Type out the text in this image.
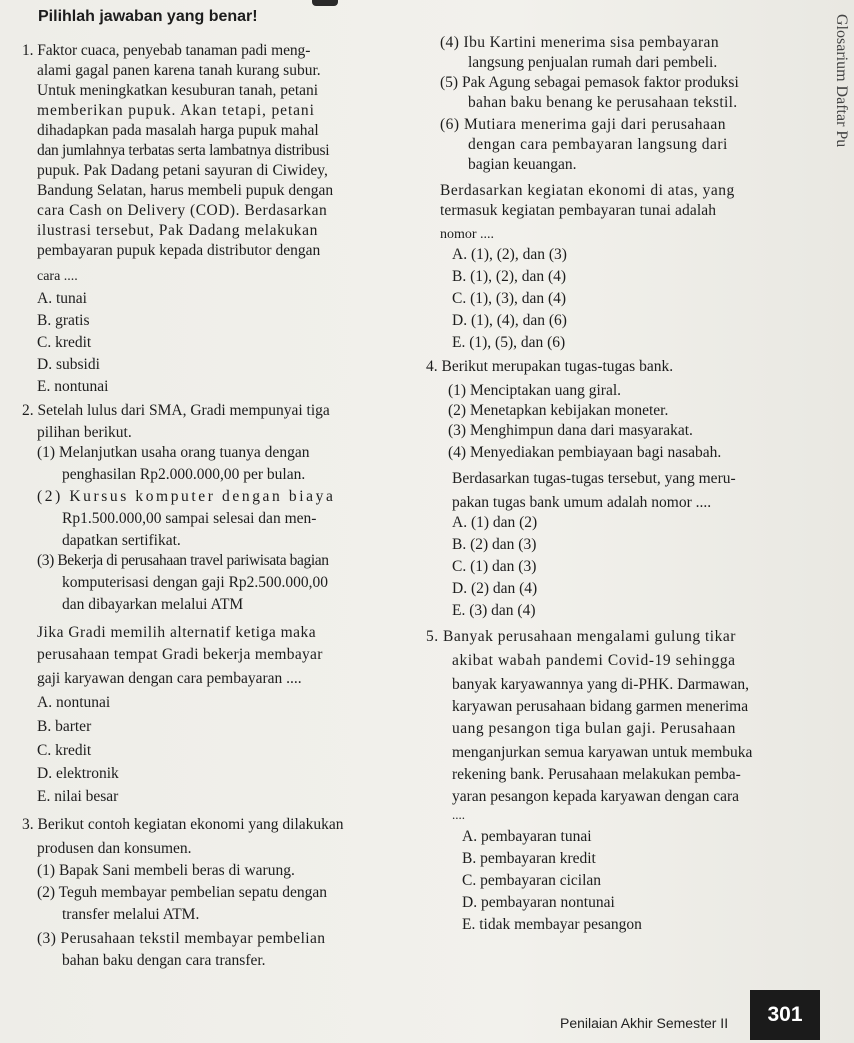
Pilihlah jawaban yang benar!
1. Faktor cuaca, penyebab tanaman padi meng-
alami gagal panen karena tanah kurang subur.
Untuk meningkatkan kesuburan tanah, petani
memberikan pupuk. Akan tetapi, petani
dihadapkan pada masalah harga pupuk mahal
dan jumlahnya terbatas serta lambatnya distribusi
pupuk. Pak Dadang petani sayuran di Ciwidey,
Bandung Selatan, harus membeli pupuk dengan
cara Cash on Delivery (COD). Berdasarkan
ilustrasi tersebut, Pak Dadang melakukan
pembayaran pupuk kepada distributor dengan
cara ....
A. tunai
B. gratis
C. kredit
D. subsidi
E. nontunai
2. Setelah lulus dari SMA, Gradi mempunyai tiga
pilihan berikut.
(1) Melanjutkan usaha orang tuanya dengan
penghasilan Rp2.000.000,00 per bulan.
(2) Kursus komputer dengan biaya
Rp1.500.000,00 sampai selesai dan men-
dapatkan sertifikat.
(3) Bekerja di perusahaan travel pariwisata bagian
komputerisasi dengan gaji Rp2.500.000,00
dan dibayarkan melalui ATM
Jika Gradi memilih alternatif ketiga maka
perusahaan tempat Gradi bekerja membayar
gaji karyawan dengan cara pembayaran ....
A. nontunai
B. barter
C. kredit
D. elektronik
E. nilai besar
3. Berikut contoh kegiatan ekonomi yang dilakukan
produsen dan konsumen.
(1) Bapak Sani membeli beras di warung.
(2) Teguh membayar pembelian sepatu dengan
transfer melalui ATM.
(3) Perusahaan tekstil membayar pembelian
bahan baku dengan cara transfer.
(4) Ibu Kartini menerima sisa pembayaran
langsung penjualan rumah dari pembeli.
(5) Pak Agung sebagai pemasok faktor produksi
bahan baku benang ke perusahaan tekstil.
(6) Mutiara menerima gaji dari perusahaan
dengan cara pembayaran langsung dari
bagian keuangan.
Berdasarkan kegiatan ekonomi di atas, yang
termasuk kegiatan pembayaran tunai adalah
nomor ....
A. (1), (2), dan (3)
B. (1), (2), dan (4)
C. (1), (3), dan (4)
D. (1), (4), dan (6)
E. (1), (5), dan (6)
4. Berikut merupakan tugas-tugas bank.
(1) Menciptakan uang giral.
(2) Menetapkan kebijakan moneter.
(3) Menghimpun dana dari masyarakat.
(4) Menyediakan pembiayaan bagi nasabah.
Berdasarkan tugas-tugas tersebut, yang meru-
pakan tugas bank umum adalah nomor ....
A. (1) dan (2)
B. (2) dan (3)
C. (1) dan (3)
D. (2) dan (4)
E. (3) dan (4)
5. Banyak perusahaan mengalami gulung tikar
akibat wabah pandemi Covid-19 sehingga
banyak karyawannya yang di-PHK. Darmawan,
karyawan perusahaan bidang garmen menerima
uang pesangon tiga bulan gaji. Perusahaan
menganjurkan semua karyawan untuk membuka
rekening bank. Perusahaan melakukan pemba-
yaran pesangon kepada karyawan dengan cara
....
A. pembayaran tunai
B. pembayaran kredit
C. pembayaran cicilan
D. pembayaran nontunai
E. tidak membayar pesangon
Glosarium Daftar Pu
Penilaian Akhir Semester II	301
